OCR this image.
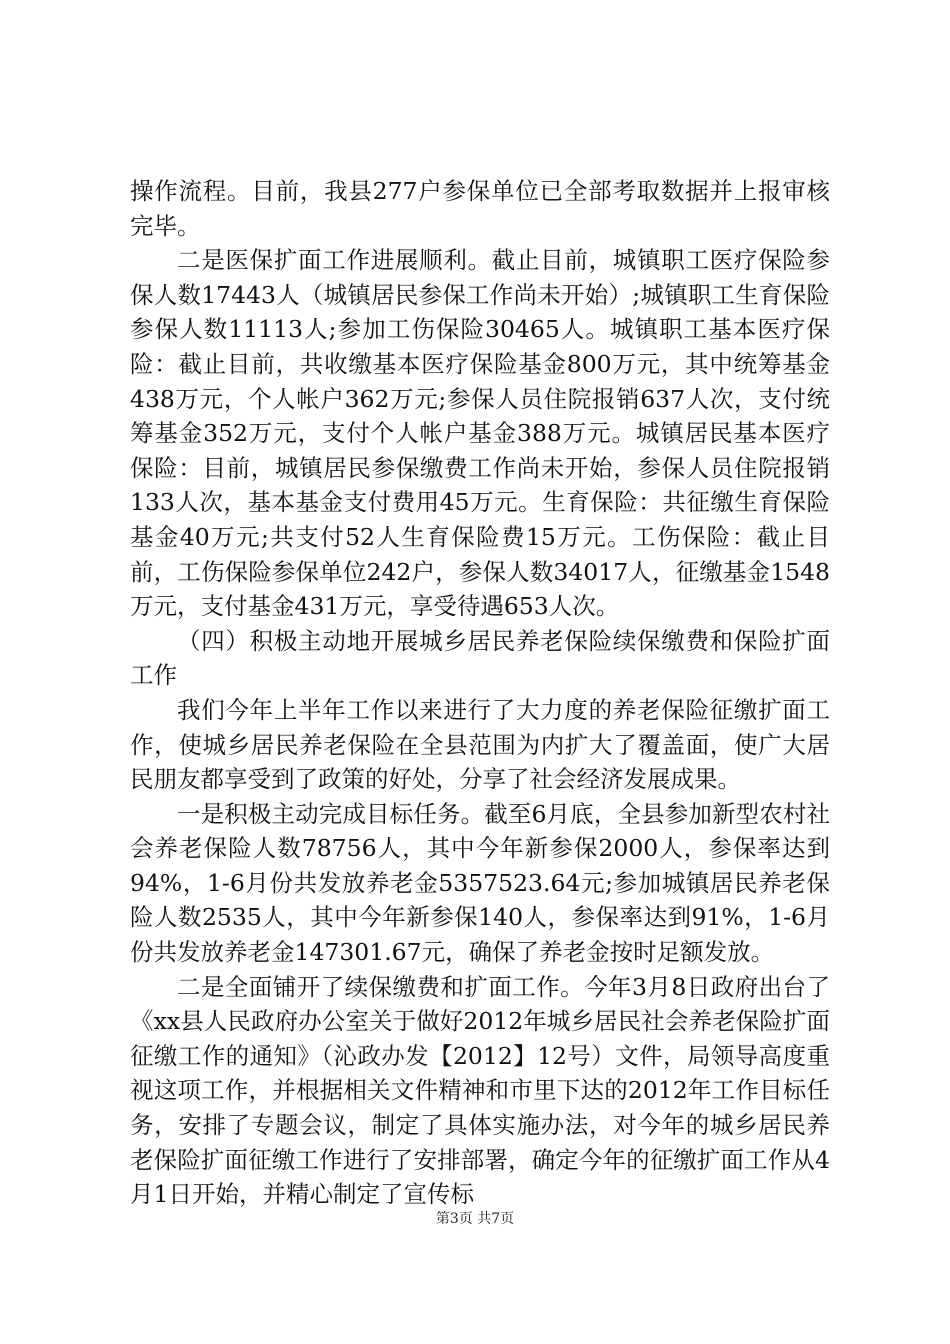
操作流程。目前，我县277户参保单位已全部考取数据并上报审核完毕。

二是医保扩面工作进展顺利。截止目前，城镇职工医疗保险参保人数17443人（城镇居民参保工作尚未开始）;城镇职工生育保险参保人数11113人;参加工伤保险30465人。城镇职工基本医疗保险：截止目前，共收缴基本医疗保险基金800万元，其中统筹基金438万元，个人帐户362万元;参保人员住院报销637人次，支付统筹基金352万元，支付个人帐户基金388万元。城镇居民基本医疗保险：目前，城镇居民参保缴费工作尚未开始，参保人员住院报销133人次，基本基金支付费用45万元。生育保险：共征缴生育保险基金40万元;共支付52人生育保险费15万元。工伤保险：截止目前，工伤保险参保单位242户，参保人数34017人，征缴基金1548万元，支付基金431万元，享受待遇653人次。

（四）积极主动地开展城乡居民养老保险续保缴费和保险扩面工作

我们今年上半年工作以来进行了大力度的养老保险征缴扩面工作，使城乡居民养老保险在全县范围为内扩大了覆盖面，使广大居民朋友都享受到了政策的好处，分享了社会经济发展成果。

一是积极主动完成目标任务。截至6月底，全县参加新型农村社会养老保险人数78756人，其中今年新参保2000人，参保率达到94%，1-6月份共发放养老金5357523.64元;参加城镇居民养老保险人数2535人，其中今年新参保140人，参保率达到91%，1-6月份共发放养老金147301.67元，确保了养老金按时足额发放。

二是全面铺开了续保缴费和扩面工作。今年3月8日政府出台了《xx县人民政府办公室关于做好2012年城乡居民社会养老保险扩面征缴工作的通知》（沁政办发【2012】12号）文件，局领导高度重视这项工作，并根据相关文件精神和市里下达的2012年工作目标任务，安排了专题会议，制定了具体实施办法，对今年的城乡居民养老保险扩面征缴工作进行了安排部署，确定今年的征缴扩面工作从4月1日开始，并精心制定了宣传标

第3页 共7页
